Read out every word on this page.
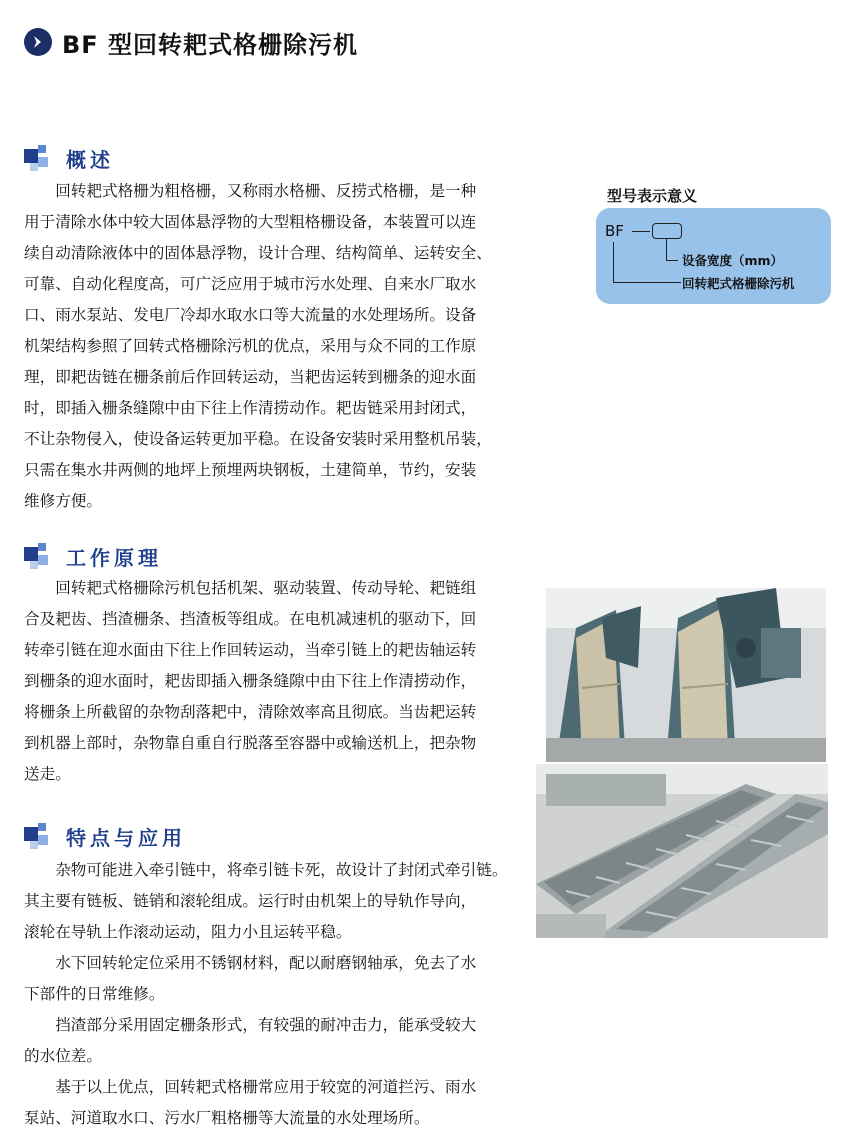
BF 型回转耙式格栅除污机
概述
回转耙式格栅为粗格栅，又称雨水格栅、反捞式格栅，是一种
用于清除水体中较大固体悬浮物的大型粗格栅设备，本装置可以连
续自动清除液体中的固体悬浮物，设计合理、结构简单、运转安全、
可靠、自动化程度高，可广泛应用于城市污水处理、自来水厂取水
口、雨水泵站、发电厂冷却水取水口等大流量的水处理场所。设备
机架结构参照了回转式格栅除污机的优点，采用与众不同的工作原
理，即耙齿链在栅条前后作回转运动，当耙齿运转到栅条的迎水面
时，即插入栅条缝隙中由下往上作清捞动作。耙齿链采用封闭式，
不让杂物侵入，使设备运转更加平稳。在设备安装时采用整机吊装，
只需在集水井两侧的地坪上预埋两块钢板，土建简单，节约，安装
维修方便。
型号表示意义
BF
设备宽度（mm）
回转耙式格栅除污机
工作原理
回转耙式格栅除污机包括机架、驱动装置、传动导轮、耙链组
合及耙齿、挡渣栅条、挡渣板等组成。在电机减速机的驱动下，回
转牵引链在迎水面由下往上作回转运动，当牵引链上的耙齿轴运转
到栅条的迎水面时，耙齿即插入栅条缝隙中由下往上作清捞动作，
将栅条上所截留的杂物刮落耙中，清除效率高且彻底。当齿耙运转
到机器上部时，杂物靠自重自行脱落至容器中或输送机上，把杂物
送走。
特点与应用
杂物可能进入牵引链中，将牵引链卡死，故设计了封闭式牵引链。
其主要有链板、链销和滚轮组成。运行时由机架上的导轨作导向，
滚轮在导轨上作滚动运动，阻力小且运转平稳。
水下回转轮定位采用不锈钢材料，配以耐磨钢轴承，免去了水
下部件的日常维修。
挡渣部分采用固定栅条形式，有较强的耐冲击力，能承受较大
的水位差。
基于以上优点，回转耙式格栅常应用于较宽的河道拦污、雨水
泵站、河道取水口、污水厂粗格栅等大流量的水处理场所。
